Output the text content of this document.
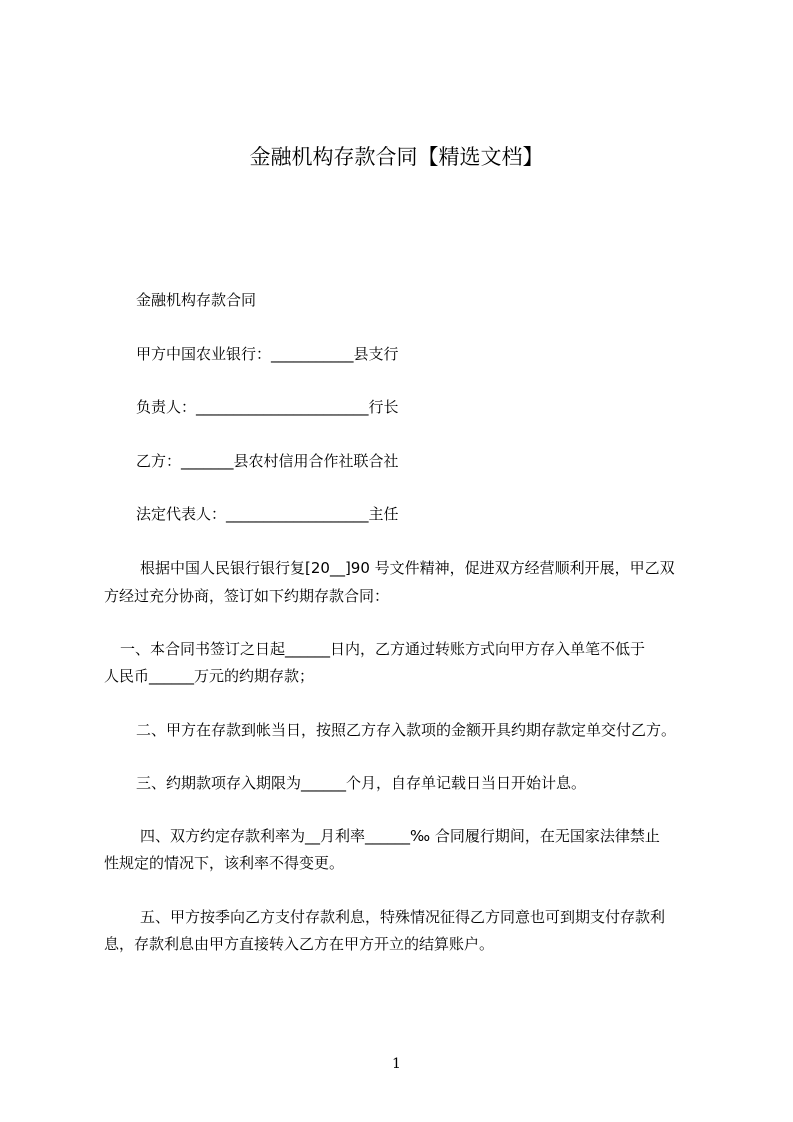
金融机构存款合同【精选文档】
金融机构存款合同
甲方中国农业银行：___________县支行
负责人：_______________________行长
乙方：_______县农村信用合作社联合社
法定代表人：___________________主任
根据中国人民银行银行复[20__]90 号文件精神，促进双方经营顺利开展，甲乙双
方经过充分协商，签订如下约期存款合同：
一、本合同书签订之日起______日内，乙方通过转账方式向甲方存入单笔不低于
人民币______万元的约期存款；
二、甲方在存款到帐当日，按照乙方存入款项的金额开具约期存款定单交付乙方。
三、约期款项存入期限为______个月，自存单记载日当日开始计息。
四、双方约定存款利率为__月利率______‰ 合同履行期间，在无国家法律禁止
性规定的情况下，该利率不得变更。
五、甲方按季向乙方支付存款利息，特殊情况征得乙方同意也可到期支付存款利
息，存款利息由甲方直接转入乙方在甲方开立的结算账户。
1
